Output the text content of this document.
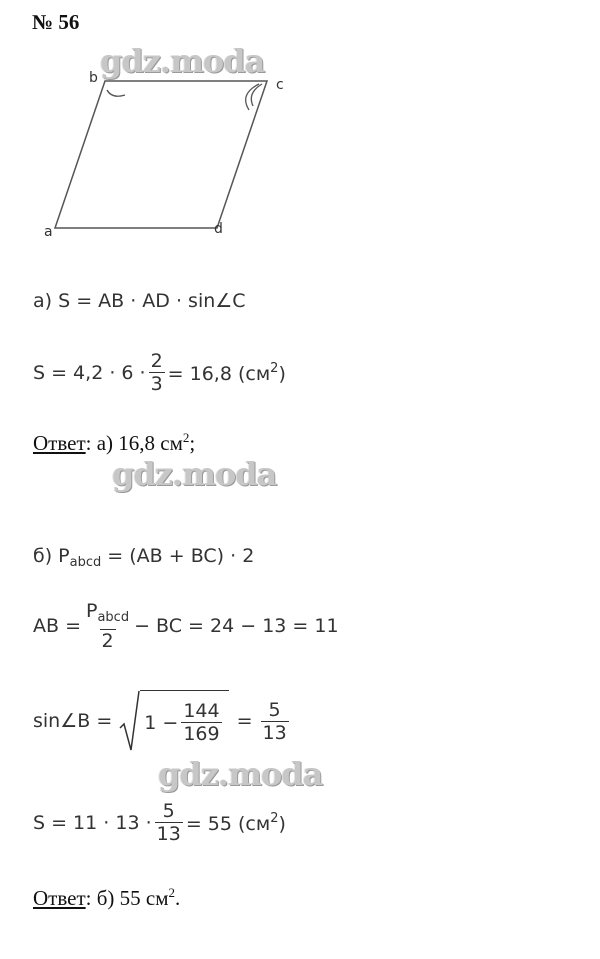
№ 56
b	c
a	d
gdz.moda
gdz.moda
gdz.moda
а) S = AB · AD · sin∠C
$S = 4,2 \cdot 6 \cdot \frac{2}{3} = 16,8$ $(см^2)$
Ответ: а) 16,8 $см^2$;
б) $P_{abcd} = (AB + BC) \cdot 2$
AB = $\frac{P_{abcd}}{2}$ − BC = 24 − 13 = 11
sin∠B = $1 - \frac{144}{169} = \frac{5}{13}$
$S = 11 \cdot 13 \cdot \frac{5}{13} = 55$ $(см^2)$
Ответ: б) 55 $см^2$.
